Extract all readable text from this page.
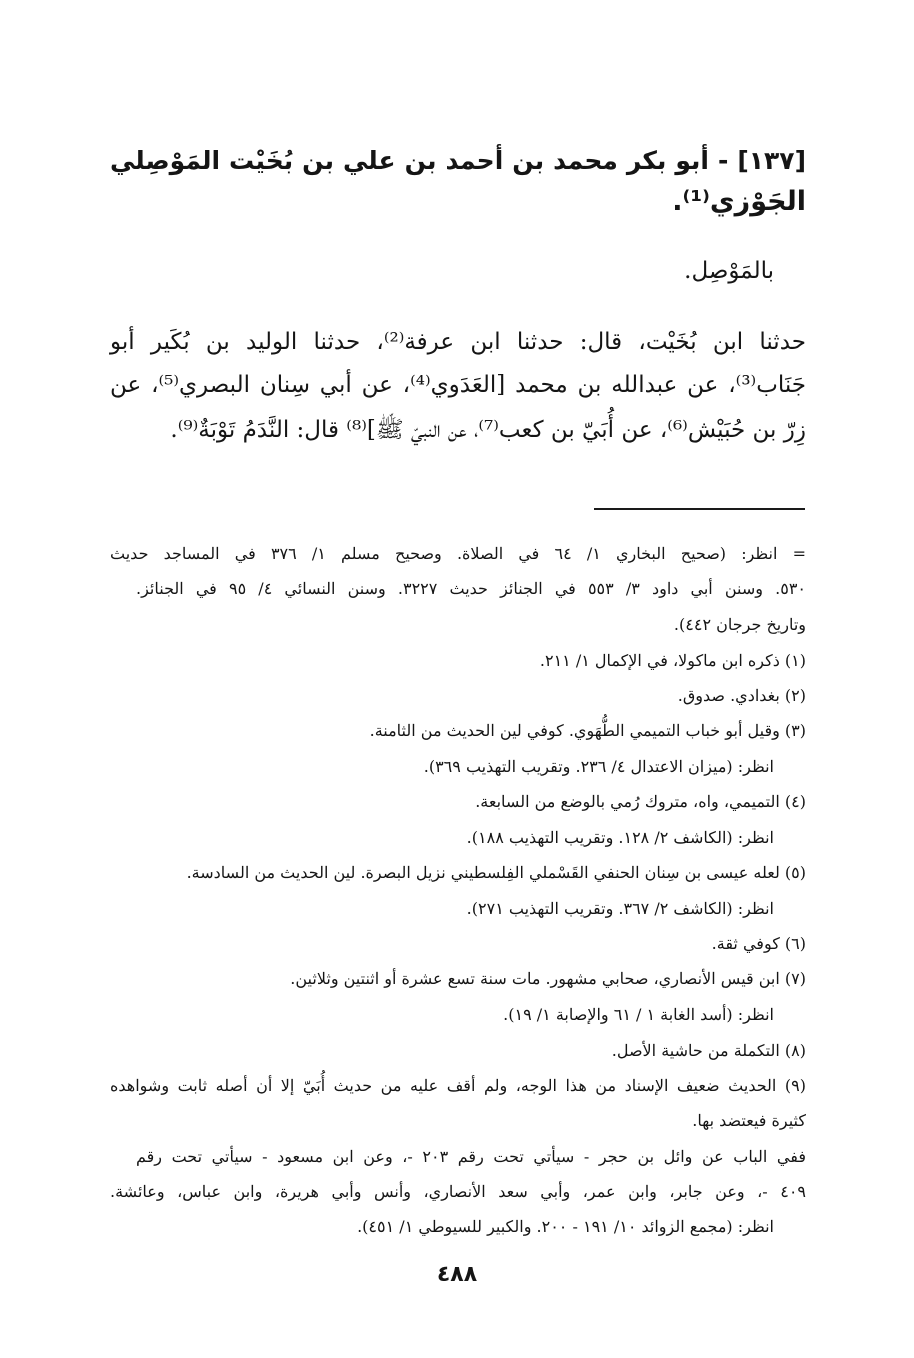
[١٣٧] - أبو بكر محمد بن أحمد بن علي بن بُخَيْت المَوْصِلي
الجَوْزي⁽¹⁾.
بالمَوْصِل.
حدثنا ابن بُخَيْت، قال: حدثنا ابن عرفة⁽²⁾، حدثنا الوليد بن بُكَير أبو
جَنَاب⁽³⁾، عن عبدالله بن محمد [العَدَوي⁽⁴⁾، عن أبي سِنان البصري⁽⁵⁾، عن
زِرّ بن حُبَيْش⁽⁶⁾، عن أُبَيّ بن كعب⁽⁷⁾، عن النبيّ ﷺ]⁽⁸⁾ قال: النَّدَمُ تَوْبَةٌ⁽⁹⁾.
= انظر: (صحيح البخاري ١/ ٦٤ في الصلاة. وصحيح مسلم ١/ ٣٧٦ في المساجد حديث
٥٣٠. وسنن أبي داود ٣/ ٥٥٣ في الجنائز حديث ٣٢٢٧. وسنن النسائي ٤/ ٩٥ في الجنائز.
وتاريخ جرجان ٤٤٢).
(١) ذكره ابن ماكولا، في الإكمال ١/ ٢١١.
(٢) بغدادي. صدوق.
(٣) وقيل أبو خباب التميمي الطُّهَوي. كوفي لين الحديث من الثامنة.
انظر: (ميزان الاعتدال ٤/ ٢٣٦. وتقريب التهذيب ٣٦٩).
(٤) التميمي، واه، متروك رُمي بالوضع من السابعة.
انظر: (الكاشف ٢/ ١٢٨. وتقريب التهذيب ١٨٨).
(٥) لعله عيسى بن سِنان الحنفي القَسْملي الفِلسطيني نزيل البصرة. لين الحديث من السادسة.
انظر: (الكاشف ٢/ ٣٦٧. وتقريب التهذيب ٢٧١).
(٦) كوفي ثقة.
(٧) ابن قيس الأنصاري، صحابي مشهور. مات سنة تسع عشرة أو اثنتين وثلاثين.
انظر: (أسد الغابة ١ / ٦١ والإصابة ١/ ١٩).
(٨) التكملة من حاشية الأصل.
(٩) الحديث ضعيف الإسناد من هذا الوجه، ولم أقف عليه من حديث أُبَيّ إلا أن أصله ثابت وشواهده
كثيرة فيعتضد بها.
ففي الباب عن وائل بن حجر - سيأتي تحت رقم ٢٠٣ -، وعن ابن مسعود - سيأتي تحت رقم
٤٠٩ -، وعن جابر، وابن عمر، وأبي سعد الأنصاري، وأنس وأبي هريرة، وابن عباس، وعائشة.
انظر: (مجمع الزوائد ١٠/ ١٩١ - ٢٠٠. والكبير للسيوطي ١/ ٤٥١).
٤٨٨
